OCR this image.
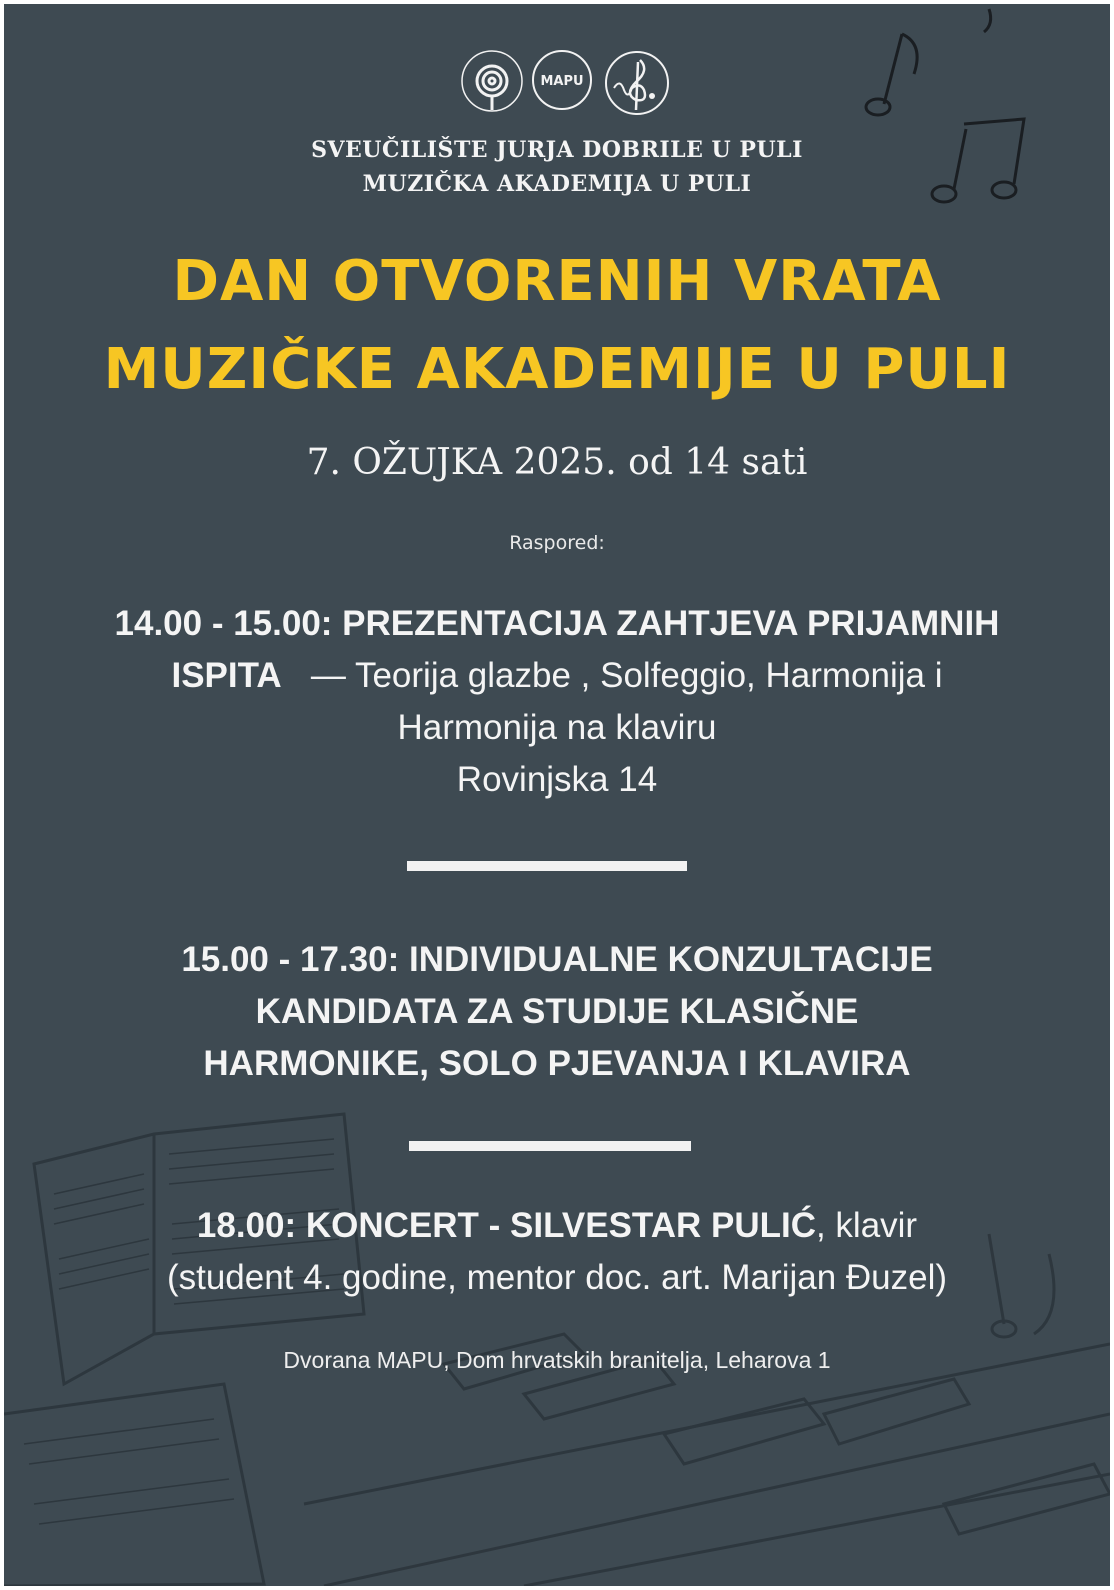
MAPU
SVEUČILIŠTE JURJA DOBRILE U PULI
MUZIČKA AKADEMIJA U PULI
DAN OTVORENIH VRATA
MUZIČKE AKADEMIJE U PULI
7. OŽUJKA 2025. od 14 sati
Raspored:
14.00 - 15.00: PREZENTACIJA ZAHTJEVA PRIJAMNIH
ISPITA — Teorija glazbe , Solfeggio, Harmonija i
Harmonija na klaviru
Rovinjska 14
15.00 - 17.30: INDIVIDUALNE KONZULTACIJE
KANDIDATA ZA STUDIJE KLASIČNE
HARMONIKE, SOLO PJEVANJA I KLAVIRA
18.00: KONCERT - SILVESTAR PULIĆ, klavir
(student 4. godine, mentor doc. art. Marijan Đuzel)
Dvorana MAPU, Dom hrvatskih branitelja, Leharova 1
